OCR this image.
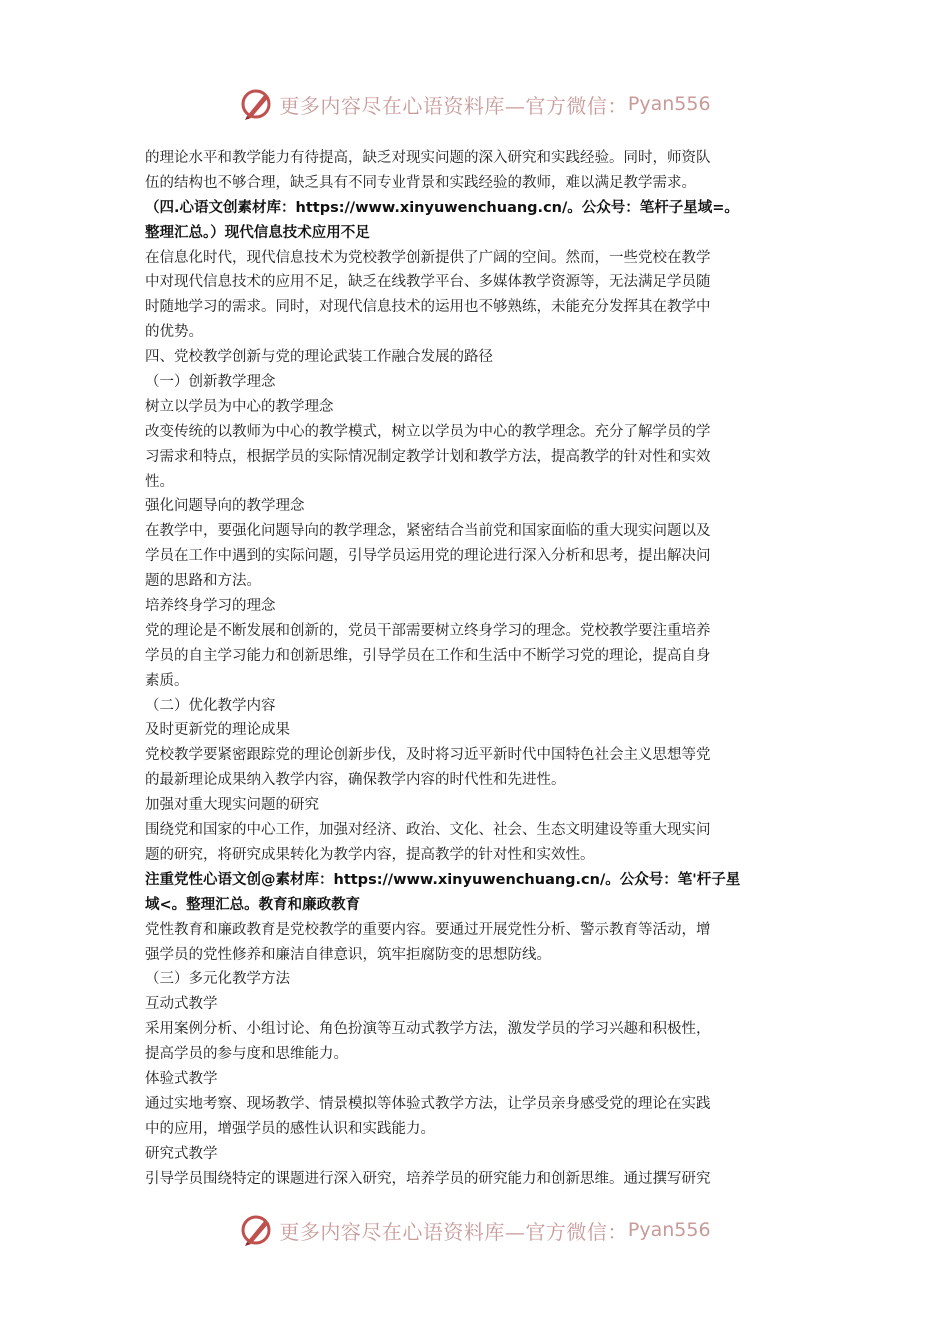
更多内容尽在心语资料库—官方微信： Pyan556
的理论水平和教学能力有待提高，缺乏对现实问题的深入研究和实践经验。同时，师资队
伍的结构也不够合理，缺乏具有不同专业背景和实践经验的教师，难以满足教学需求。
（四.心语文创素材库：https://www.xinyuwenchuang.cn/。公众号：笔杆子星域=。
整理汇总。）现代信息技术应用不足
在信息化时代，现代信息技术为党校教学创新提供了广阔的空间。然而，一些党校在教学
中对现代信息技术的应用不足，缺乏在线教学平台、多媒体教学资源等，无法满足学员随
时随地学习的需求。同时，对现代信息技术的运用也不够熟练，未能充分发挥其在教学中
的优势。
四、党校教学创新与党的理论武装工作融合发展的路径
（一）创新教学理念
树立以学员为中心的教学理念
改变传统的以教师为中心的教学模式，树立以学员为中心的教学理念。充分了解学员的学
习需求和特点，根据学员的实际情况制定教学计划和教学方法，提高教学的针对性和实效
性。
强化问题导向的教学理念
在教学中，要强化问题导向的教学理念，紧密结合当前党和国家面临的重大现实问题以及
学员在工作中遇到的实际问题，引导学员运用党的理论进行深入分析和思考，提出解决问
题的思路和方法。
培养终身学习的理念
党的理论是不断发展和创新的，党员干部需要树立终身学习的理念。党校教学要注重培养
学员的自主学习能力和创新思维，引导学员在工作和生活中不断学习党的理论，提高自身
素质。
（二）优化教学内容
及时更新党的理论成果
党校教学要紧密跟踪党的理论创新步伐，及时将习近平新时代中国特色社会主义思想等党
的最新理论成果纳入教学内容，确保教学内容的时代性和先进性。
加强对重大现实问题的研究
围绕党和国家的中心工作，加强对经济、政治、文化、社会、生态文明建设等重大现实问
题的研究，将研究成果转化为教学内容，提高教学的针对性和实效性。
注重党性心语文创@素材库：https://www.xinyuwenchuang.cn/。公众号：笔'杆子星
域<。整理汇总。教育和廉政教育
党性教育和廉政教育是党校教学的重要内容。要通过开展党性分析、警示教育等活动，增
强学员的党性修养和廉洁自律意识，筑牢拒腐防变的思想防线。
（三）多元化教学方法
互动式教学
采用案例分析、小组讨论、角色扮演等互动式教学方法，激发学员的学习兴趣和积极性，
提高学员的参与度和思维能力。
体验式教学
通过实地考察、现场教学、情景模拟等体验式教学方法，让学员亲身感受党的理论在实践
中的应用，增强学员的感性认识和实践能力。
研究式教学
引导学员围绕特定的课题进行深入研究，培养学员的研究能力和创新思维。通过撰写研究
更多内容尽在心语资料库—官方微信： Pyan556
